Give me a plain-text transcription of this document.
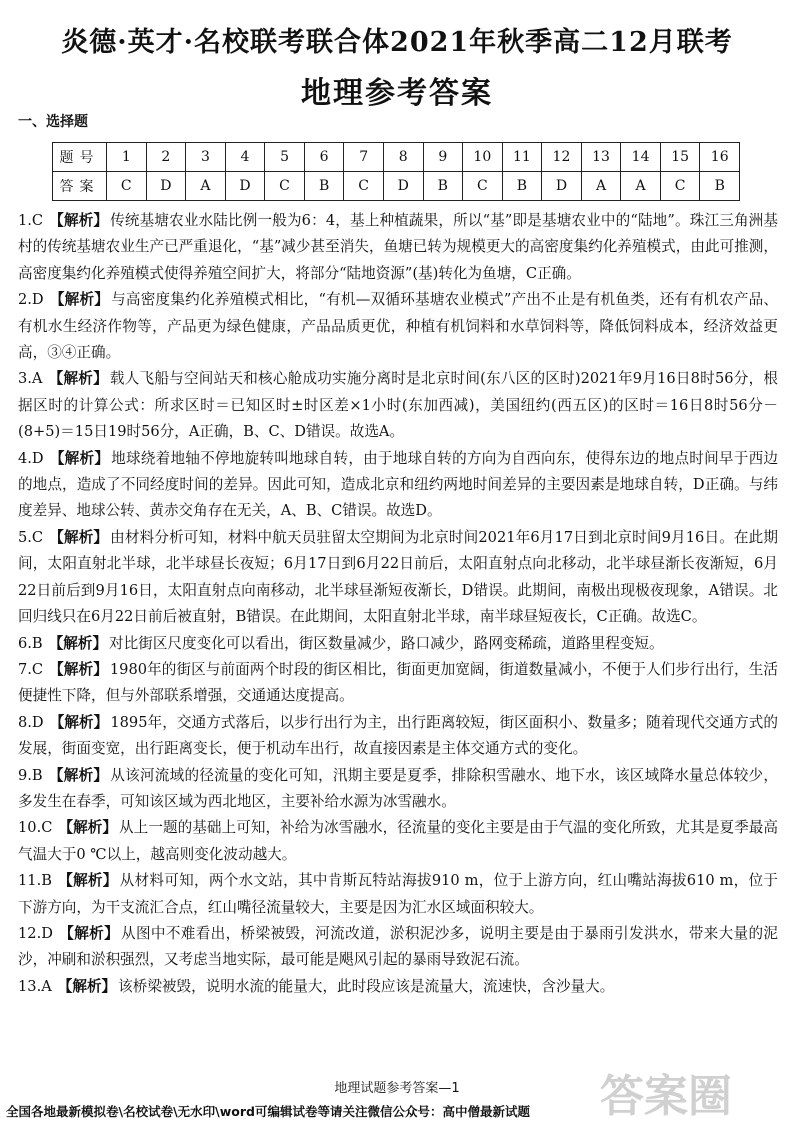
炎德·英才·名校联考联合体2021年秋季高二12月联考
地理参考答案
一、选择题
题号	1	2	3	4	5	6	7	8	9	10	11	12	13	14	15	16
答案	C	D	A	D	C	B	C	D	B	C	B	D	A	A	C	B

1.C 【解析】 传统基塘农业水陆比例一般为6：4，基上种植蔬果，所以“基”即是基塘农业中的“陆地”。珠江三角洲基村的传统基塘农业生产已严重退化，“基”减少甚至消失，鱼塘已转为规模更大的高密度集约化养殖模式，由此可推测，高密度集约化养殖模式使得养殖空间扩大，将部分“陆地资源”(基)转化为鱼塘，C正确。

2.D 【解析】 与高密度集约化养殖模式相比，“有机—双循环基塘农业模式”产出不止是有机鱼类，还有有机农产品、有机水生经济作物等，产品更为绿色健康，产品品质更优，种植有机饲料和水草饲料等，降低饲料成本，经济效益更高，③④正确。

3.A 【解析】 载人飞船与空间站天和核心舱成功实施分离时是北京时间(东八区的区时)2021年9月16日8时56分，根据区时的计算公式：所求区时＝已知区时±时区差×1小时(东加西减)，美国纽约(西五区)的区时＝16日8时56分－(8+5)＝15日19时56分，A正确，B、C、D错误。故选A。

4.D 【解析】 地球绕着地轴不停地旋转叫地球自转，由于地球自转的方向为自西向东，使得东边的地点时间早于西边的地点，造成了不同经度时间的差异。因此可知，造成北京和纽约两地时间差异的主要因素是地球自转，D正确。与纬度差异、地球公转、黄赤交角存在无关，A、B、C错误。故选D。

5.C 【解析】 由材料分析可知，材料中航天员驻留太空期间为北京时间2021年6月17日到北京时间9月16日。在此期间，太阳直射北半球，北半球昼长夜短；6月17日到6月22日前后，太阳直射点向北移动，北半球昼渐长夜渐短，6月22日前后到9月16日，太阳直射点向南移动，北半球昼渐短夜渐长，D错误。此期间，南极出现极夜现象，A错误。北回归线只在6月22日前后被直射，B错误。在此期间，太阳直射北半球，南半球昼短夜长，C正确。故选C。

6.B 【解析】 对比街区尺度变化可以看出，街区数量减少，路口减少，路网变稀疏，道路里程变短。

7.C 【解析】 1980年的街区与前面两个时段的街区相比，街面更加宽阔，街道数量减小，不便于人们步行出行，生活便捷性下降，但与外部联系增强，交通通达度提高。

8.D 【解析】 1895年，交通方式落后，以步行出行为主，出行距离较短，街区面积小、数量多；随着现代交通方式的发展，街面变宽，出行距离变长，便于机动车出行，故直接因素是主体交通方式的变化。

9.B 【解析】 从该河流域的径流量的变化可知，汛期主要是夏季，排除积雪融水、地下水，该区域降水量总体较少，多发生在春季，可知该区域为西北地区，主要补给水源为冰雪融水。

10.C 【解析】 从上一题的基础上可知，补给为冰雪融水，径流量的变化主要是由于气温的变化所致，尤其是夏季最高气温大于0 ℃以上，越高则变化波动越大。

11.B 【解析】 从材料可知，两个水文站，其中肯斯瓦特站海拔910 m，位于上游方向，红山嘴站海拔610 m，位于下游方向，为干支流汇合点，红山嘴径流量较大，主要是因为汇水区域面积较大。

12.D 【解析】 从图中不难看出，桥梁被毁，河流改道，淤积泥沙多，说明主要是由于暴雨引发洪水，带来大量的泥沙，冲刷和淤积强烈，又考虑当地实际，最可能是飓风引起的暴雨导致泥石流。

13.A 【解析】 该桥梁被毁，说明水流的能量大，此时段应该是流量大，流速快，含沙量大。

地理试题参考答案—1
全国各地最新模拟卷\名校试卷\无水印\word可编辑试卷等请关注微信公众号：高中僧最新试题	答案圈
